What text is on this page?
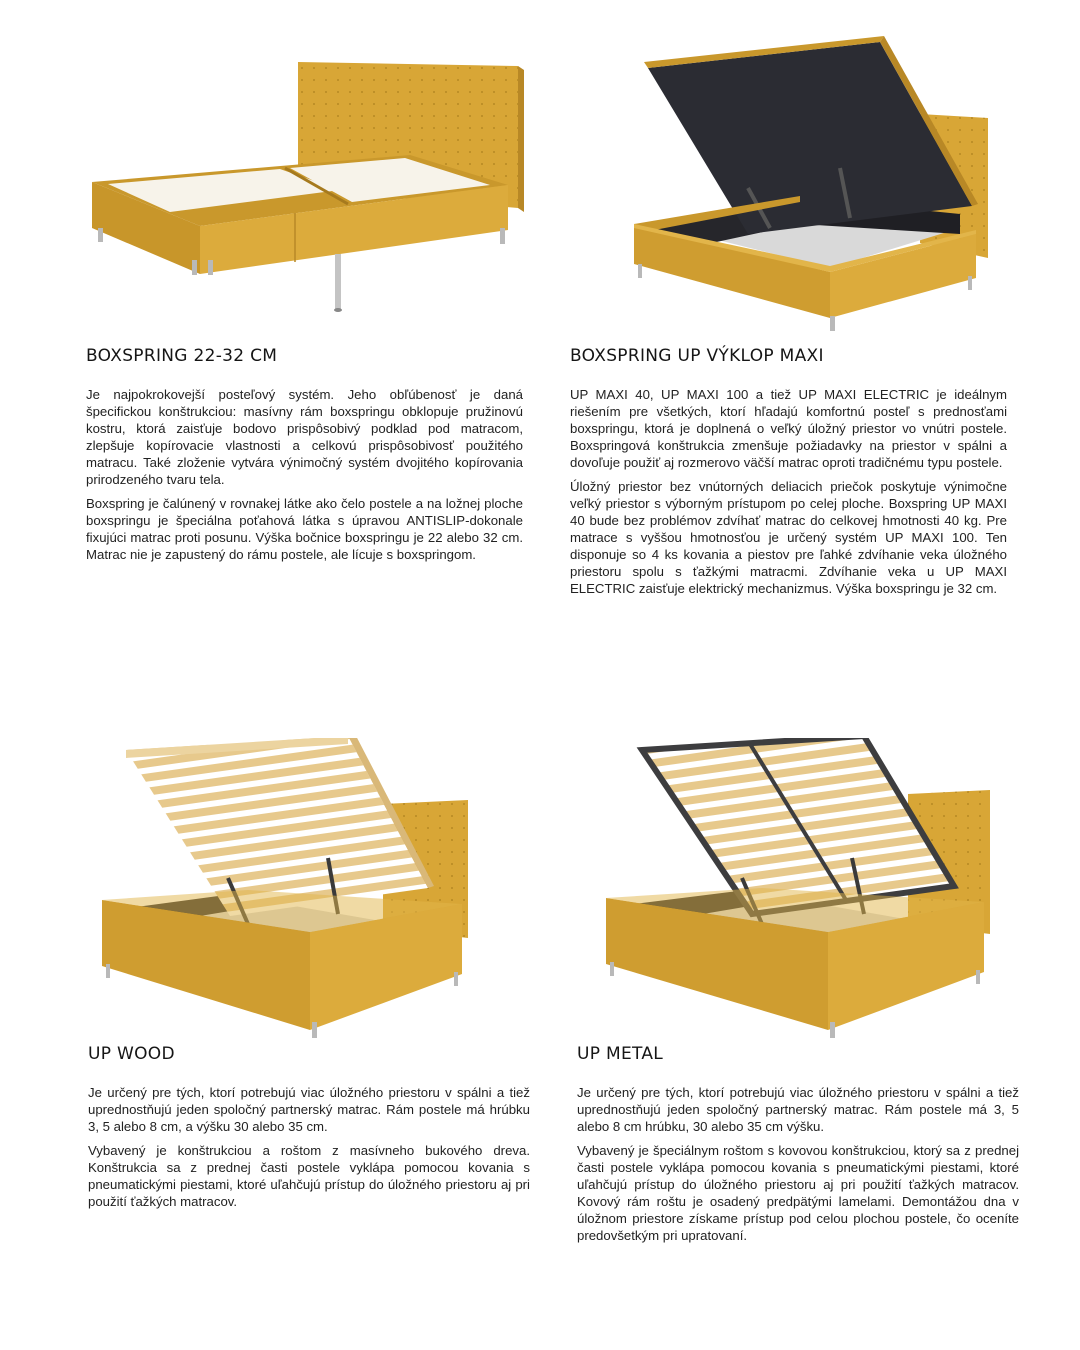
BOXSPRING 22-32 CM

Je najpokrokovejší posteľový systém. Jeho obľúbenosť je daná špecifickou konštrukciou: masívny rám boxspringu obklopuje pružinovú kostru, ktorá zaisťuje bodovo prispôsobivý podklad pod matracom, zlepšuje kopírovacie vlastnosti a celkovú prispôsobivosť použitého matracu. Také zloženie vytvára výnimočný systém dvojitého kopírovania prirodzeného tvaru tela.

Boxspring je čalúnený v rovnakej látke ako čelo postele a na ložnej ploche boxspringu je špeciálna poťahová látka s úpravou ANTISLIP-dokonale fixujúci matrac proti posunu. Výška bočnice boxspringu je 22 alebo 32 cm. Matrac nie je zapustený do rámu postele, ale lícuje s boxspringom.

BOXSPRING UP VÝKLOP MAXI

UP MAXI 40, UP MAXI 100 a tiež UP MAXI ELECTRIC je ideálnym riešením pre všetkých, ktorí hľadajú komfortnú posteľ s prednosťami boxspringu, ktorá je doplnená o veľký úložný priestor vo vnútri postele. Boxspringová konštrukcia zmenšuje požiadavky na priestor v spálni a dovoľuje použiť aj rozmerovo väčší matrac oproti tradičnému typu postele.

Úložný priestor bez vnútorných deliacich priečok poskytuje výnimočne veľký priestor s výborným prístupom po celej ploche. Boxspring UP MAXI 40 bude bez problémov zdvíhať matrac do celkovej hmotnosti 40 kg. Pre matrace s vyššou hmotnosťou je určený systém UP MAXI 100. Ten disponuje so 4 ks kovania a piestov pre ľahké zdvíhanie veka úložného priestoru spolu s ťažkými matracmi. Zdvíhanie veka u UP MAXI ELECTRIC zaisťuje elektrický mechanizmus. Výška boxspringu je 32 cm.

UP WOOD

Je určený pre tých, ktorí potrebujú viac úložného priestoru v spálni a tiež uprednostňujú jeden spoločný partnerský matrac. Rám postele má hrúbku 3, 5 alebo 8 cm, a výšku 30 alebo 35 cm.

Vybavený je konštrukciou a roštom z masívneho bukového dreva. Konštrukcia sa z prednej časti postele vyklápa pomocou kovania s pneumatickými piestami, ktoré uľahčujú prístup do úložného priestoru aj pri použití ťažkých matracov.

UP METAL

Je určený pre tých, ktorí potrebujú viac úložného priestoru v spálni a tiež uprednostňujú jeden spoločný partnerský matrac. Rám postele má 3, 5 alebo 8 cm hrúbku, 30 alebo 35 cm výšku.

Vybavený je špeciálnym roštom s kovovou konštrukciou, ktorý sa z prednej časti postele vyklápa pomocou kovania s pneumatickými piestami, ktoré uľahčujú prístup do úložného priestoru aj pri použití ťažkých matracov. Kovový rám roštu je osadený predpätými lamelami. Demontážou dna v úložnom priestore získame prístup pod celou plochou postele, čo oceníte predovšetkým pri upratovaní.
